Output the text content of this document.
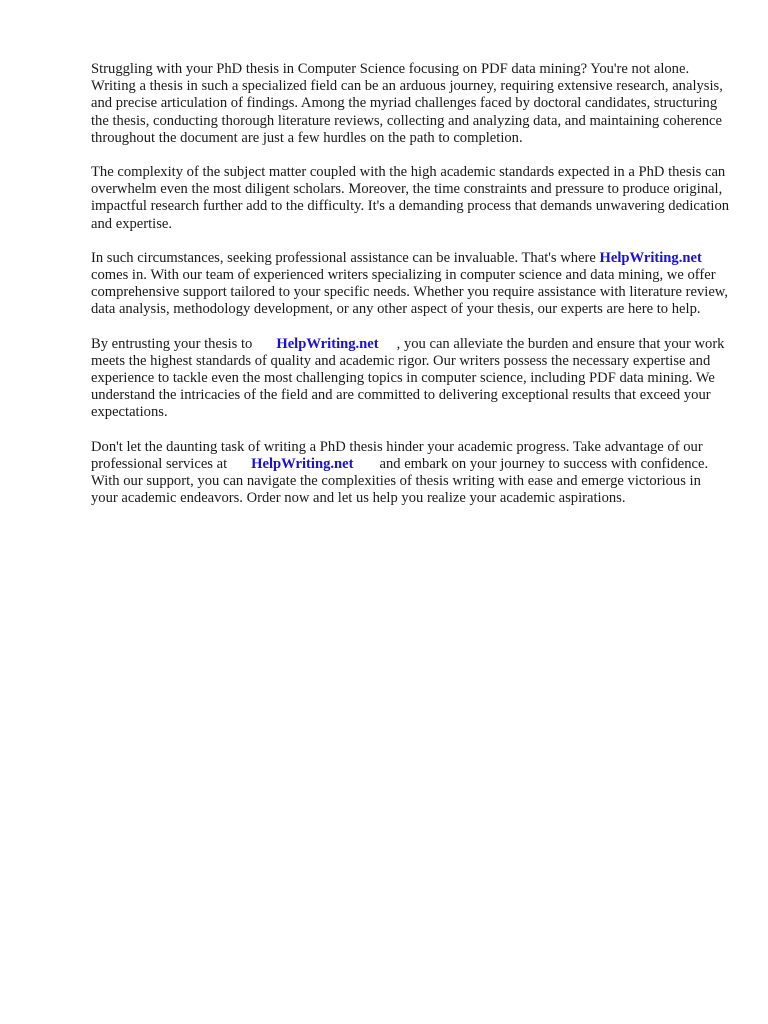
Struggling with your PhD thesis in Computer Science focusing on PDF data mining? You're not alone. Writing a thesis in such a specialized field can be an arduous journey, requiring extensive research, analysis, and precise articulation of findings. Among the myriad challenges faced by doctoral candidates, structuring the thesis, conducting thorough literature reviews, collecting and analyzing data, and maintaining coherence throughout the document are just a few hurdles on the path to completion.

The complexity of the subject matter coupled with the high academic standards expected in a PhD thesis can overwhelm even the most diligent scholars. Moreover, the time constraints and pressure to produce original, impactful research further add to the difficulty. It's a demanding process that demands unwavering dedication and expertise.

In such circumstances, seeking professional assistance can be invaluable. That's where HelpWriting.netcomes in. With our team of experienced writers specializing in computer science and data mining, we offer comprehensive support tailored to your specific needs. Whether you require assistance with literature review, data analysis, methodology development, or any other aspect of your thesis, our experts are here to help.

By entrusting your thesis to HelpWriting.net , you can alleviate the burden and ensure that your work meets the highest standards of quality and academic rigor. Our writers possess the necessary expertise and experience to tackle even the most challenging topics in computer science, including PDF data mining. We understand the intricacies of the field and are committed to delivering exceptional results that exceed your expectations.

Don't let the daunting task of writing a PhD thesis hinder your academic progress. Take advantage of our professional services at HelpWriting.net and embark on your journey to success with confidence. With our support, you can navigate the complexities of thesis writing with ease and emerge victorious in your academic endeavors. Order now and let us help you realize your academic aspirations.
